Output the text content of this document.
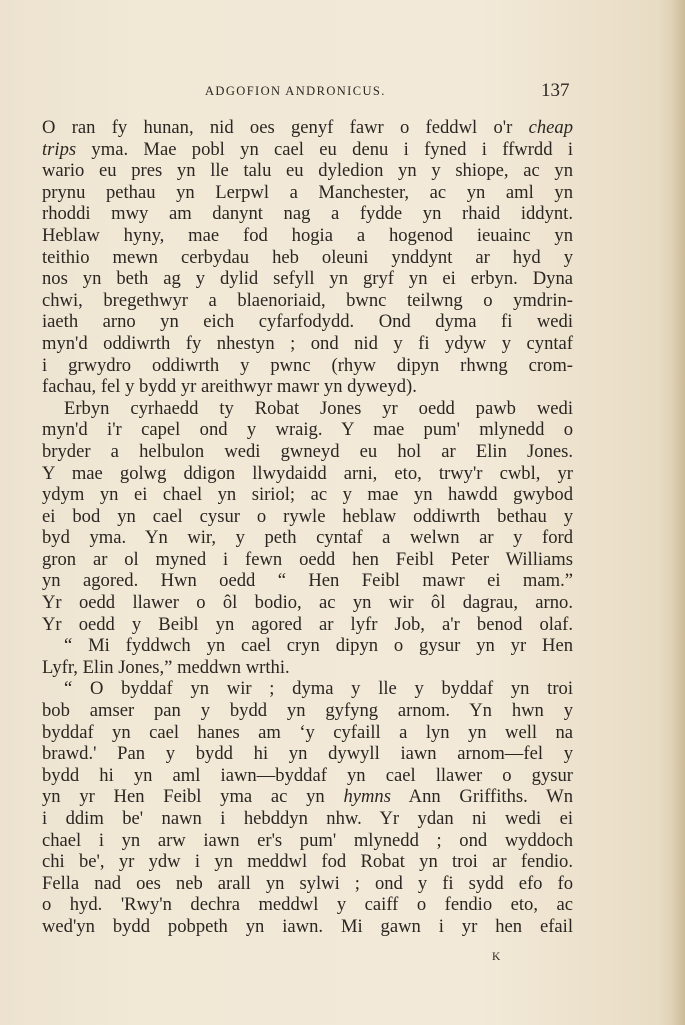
ADGOFION ANDRONICUS.	137
O ran fy hunan, nid oes genyf fawr o feddwl o'r cheap
trips yma. Mae pobl yn cael eu denu i fyned i ffwrdd i
wario eu pres yn lle talu eu dyledion yn y shiope, ac yn
prynu pethau yn Lerpwl a Manchester, ac yn aml yn
rhoddi mwy am danynt nag a fydde yn rhaid iddynt.
Heblaw hyny, mae fod hogia a hogenod ieuainc yn
teithio mewn cerbydau heb oleuni ynddynt ar hyd y
nos yn beth ag y dylid sefyll yn gryf yn ei erbyn. Dyna
chwi, bregethwyr a blaenoriaid, bwnc teilwng o ymdrin-
iaeth arno yn eich cyfarfodydd. Ond dyma fi wedi
myn'd oddiwrth fy nhestyn ; ond nid y fi ydyw y cyntaf
i grwydro oddiwrth y pwnc (rhyw dipyn rhwng crom-
fachau, fel y bydd yr areithwyr mawr yn dyweyd).
Erbyn cyrhaedd ty Robat Jones yr oedd pawb wedi
myn'd i'r capel ond y wraig. Y mae pum' mlynedd o
bryder a helbulon wedi gwneyd eu hol ar Elin Jones.
Y mae golwg ddigon llwydaidd arni, eto, trwy'r cwbl, yr
ydym yn ei chael yn siriol; ac y mae yn hawdd gwybod
ei bod yn cael cysur o rywle heblaw oddiwrth bethau y
byd yma. Yn wir, y peth cyntaf a welwn ar y ford
gron ar ol myned i fewn oedd hen Feibl Peter Williams
yn agored. Hwn oedd “ Hen Feibl mawr ei mam.”
Yr oedd llawer o ôl bodio, ac yn wir ôl dagrau, arno.
Yr oedd y Beibl yn agored ar lyfr Job, a'r benod olaf.
“ Mi fyddwch yn cael cryn dipyn o gysur yn yr Hen
Lyfr, Elin Jones,” meddwn wrthi.
“ O byddaf yn wir ; dyma y lle y byddaf yn troi
bob amser pan y bydd yn gyfyng arnom. Yn hwn y
byddaf yn cael hanes am ‘y cyfaill a lyn yn well na
brawd.' Pan y bydd hi yn dywyll iawn arnom—fel y
bydd hi yn aml iawn—byddaf yn cael llawer o gysur
yn yr Hen Feibl yma ac yn hymns Ann Griffiths. Wn
i ddim be' nawn i hebddyn nhw. Yr ydan ni wedi ei
chael i yn arw iawn er's pum' mlynedd ; ond wyddoch
chi be', yr ydw i yn meddwl fod Robat yn troi ar fendio.
Fella nad oes neb arall yn sylwi ; ond y fi sydd efo fo
o hyd. 'Rwy'n dechra meddwl y caiff o fendio eto, ac
wed'yn bydd pobpeth yn iawn. Mi gawn i yr hen efail
K
